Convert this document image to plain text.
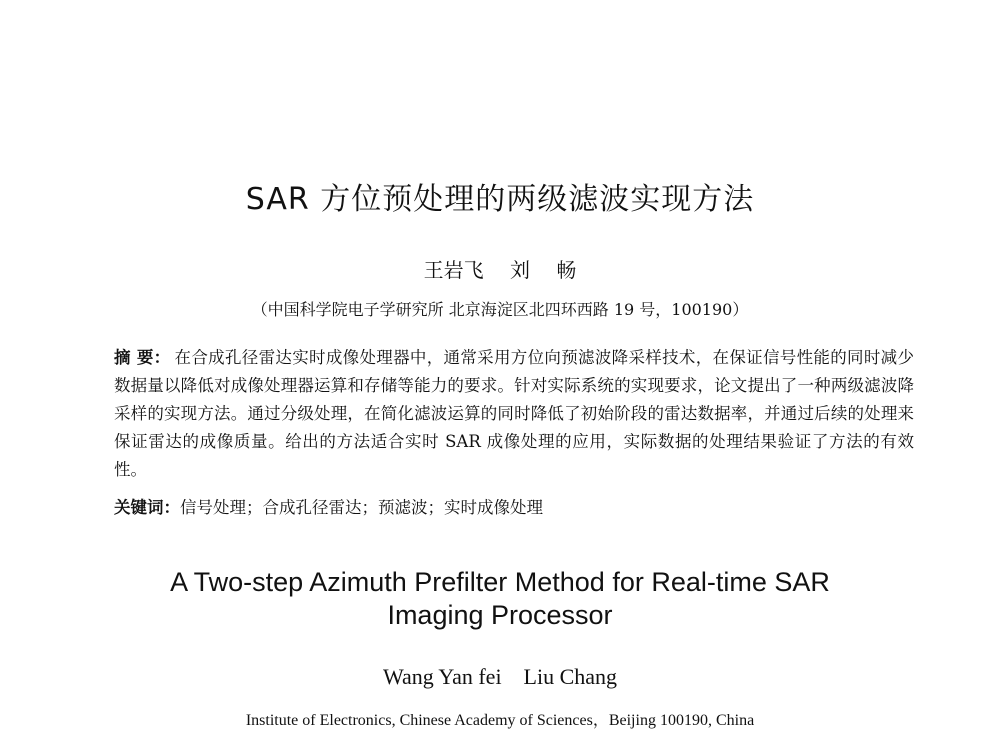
SAR 方位预处理的两级滤波实现方法
王岩飞 刘 畅
（中国科学院电子学研究所 北京海淀区北四环西路 19 号，100190）
摘 要： 在合成孔径雷达实时成像处理器中，通常采用方位向预滤波降采样技术，在保证信号性能的同时减少数据量以降低对成像处理器运算和存储等能力的要求。针对实际系统的实现要求，论文提出了一种两级滤波降采样的实现方法。通过分级处理，在简化滤波运算的同时降低了初始阶段的雷达数据率，并通过后续的处理来保证雷达的成像质量。给出的方法适合实时 SAR 成像处理的应用，实际数据的处理结果验证了方法的有效性。
关键词：信号处理；合成孔径雷达；预滤波；实时成像处理
A Two-step Azimuth Prefilter Method for Real-time SAR
Imaging Processor
Wang Yan fei    Liu Chang
Institute of Electronics, Chinese Academy of Sciences，Beijing 100190, China
